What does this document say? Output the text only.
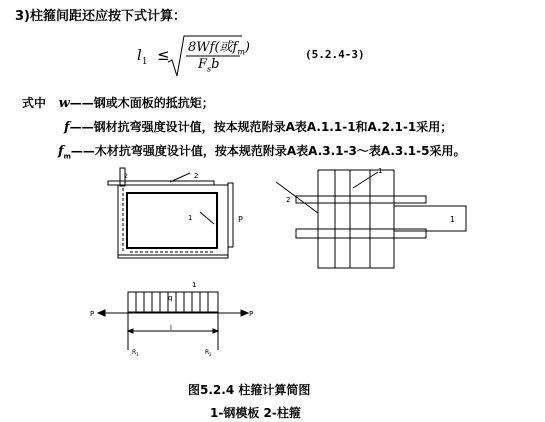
3)柱箍间距还应按下式计算：
$l_1 \le 8Wf$(或$f_m$)
$F_sb$
(5.2.4-3)
式中 w——钢或木面板的抵抗矩；
f——钢材抗弯强度设计值，按本规范附录A表A.1.1-1和A.2.1-1采用；
$f_m——$木材抗弯强度设计值，按本规范附录A表A.3.1-3～表A.3.1-5采用。
2
1	P
2
1
2
1
1
q
P	P
l
$R_1$	$R_2$
图5.2.4 柱箍计算简图
1-钢模板 2-柱箍
